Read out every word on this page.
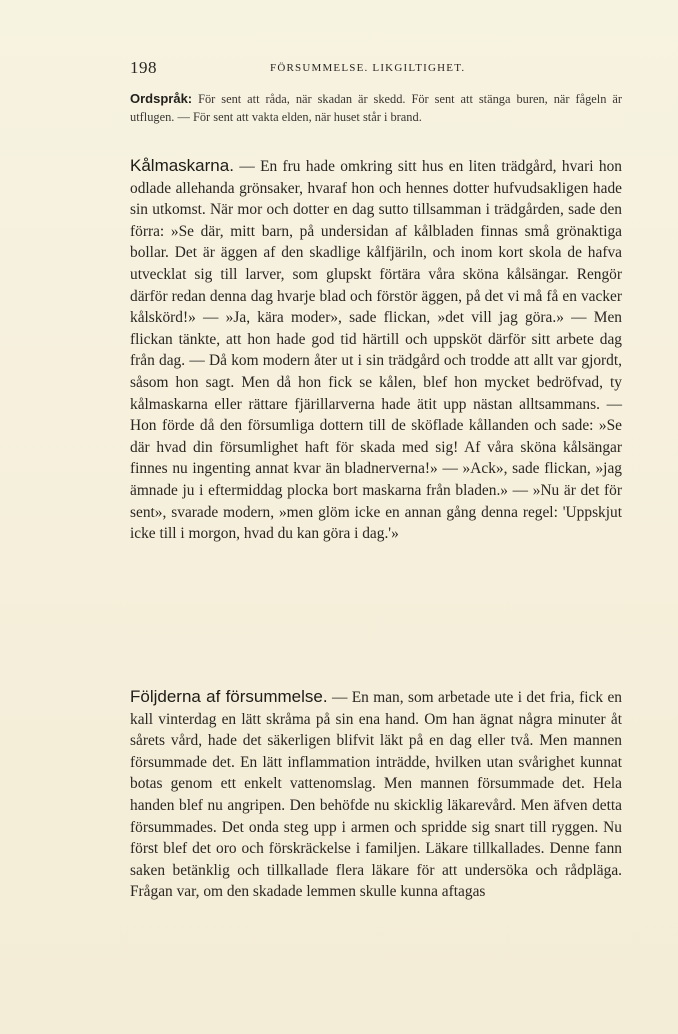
198	FÖRSUMMELSE. LIKGILTIGHET.

Ordspråk: För sent att råda, när skadan är skedd. För sent att stänga buren, när fågeln är utflugen. — För sent att vakta elden, när huset står i brand.

Kålmaskarna. — En fru hade omkring sitt hus en liten trädgård, hvari hon odlade allehanda grönsaker, hvaraf hon och hennes dotter hufvudsakligen hade sin utkomst. När mor och dotter en dag sutto tillsamman i trädgården, sade den förra: »Se där, mitt barn, på undersidan af kålbladen finnas små grönaktiga bollar. Det är äggen af den skadlige kålfjäriln, och inom kort skola de hafva utvecklat sig till larver, som glupskt förtära våra sköna kålsängar. Rengör därför redan denna dag hvarje blad och förstör äggen, på det vi må få en vacker kålskörd!» — »Ja, kära moder», sade flickan, »det vill jag göra.» — Men flickan tänkte, att hon hade god tid härtill och uppsköt därför sitt arbete dag från dag. — Då kom modern åter ut i sin trädgård och trodde att allt var gjordt, såsom hon sagt. Men då hon fick se kålen, blef hon mycket bedröfvad, ty kålmaskarna eller rättare fjärillarverna hade ätit upp nästan alltsammans. — Hon förde då den försumliga dottern till de sköflade kållanden och sade: »Se där hvad din försumlighet haft för skada med sig! Af våra sköna kålsängar finnes nu ingenting annat kvar än bladnerverna!» — »Ack», sade flickan, »jag ämnade ju i eftermiddag plocka bort maskarna från bladen.» — »Nu är det för sent», svarade modern, »men glöm icke en annan gång denna regel: 'Uppskjut icke till i morgon, hvad du kan göra i dag.'»

Följderna af försummelse. — En man, som arbetade ute i det fria, fick en kall vinterdag en lätt skråma på sin ena hand. Om han ägnat några minuter åt sårets vård, hade det säkerligen blifvit läkt på en dag eller två. Men mannen försummade det. En lätt inflammation inträdde, hvilken utan svårighet kunnat botas genom ett enkelt vattenomslag. Men mannen försummade det. Hela handen blef nu angripen. Den behöfde nu skicklig läkarevård. Men äfven detta försummades. Det onda steg upp i armen och spridde sig snart till ryggen. Nu först blef det oro och förskräckelse i familjen. Läkare tillkallades. Denne fann saken betänklig och tillkallade flera läkare för att undersöka och rådpläga. Frågan var, om den skadade lemmen skulle kunna aftagas
